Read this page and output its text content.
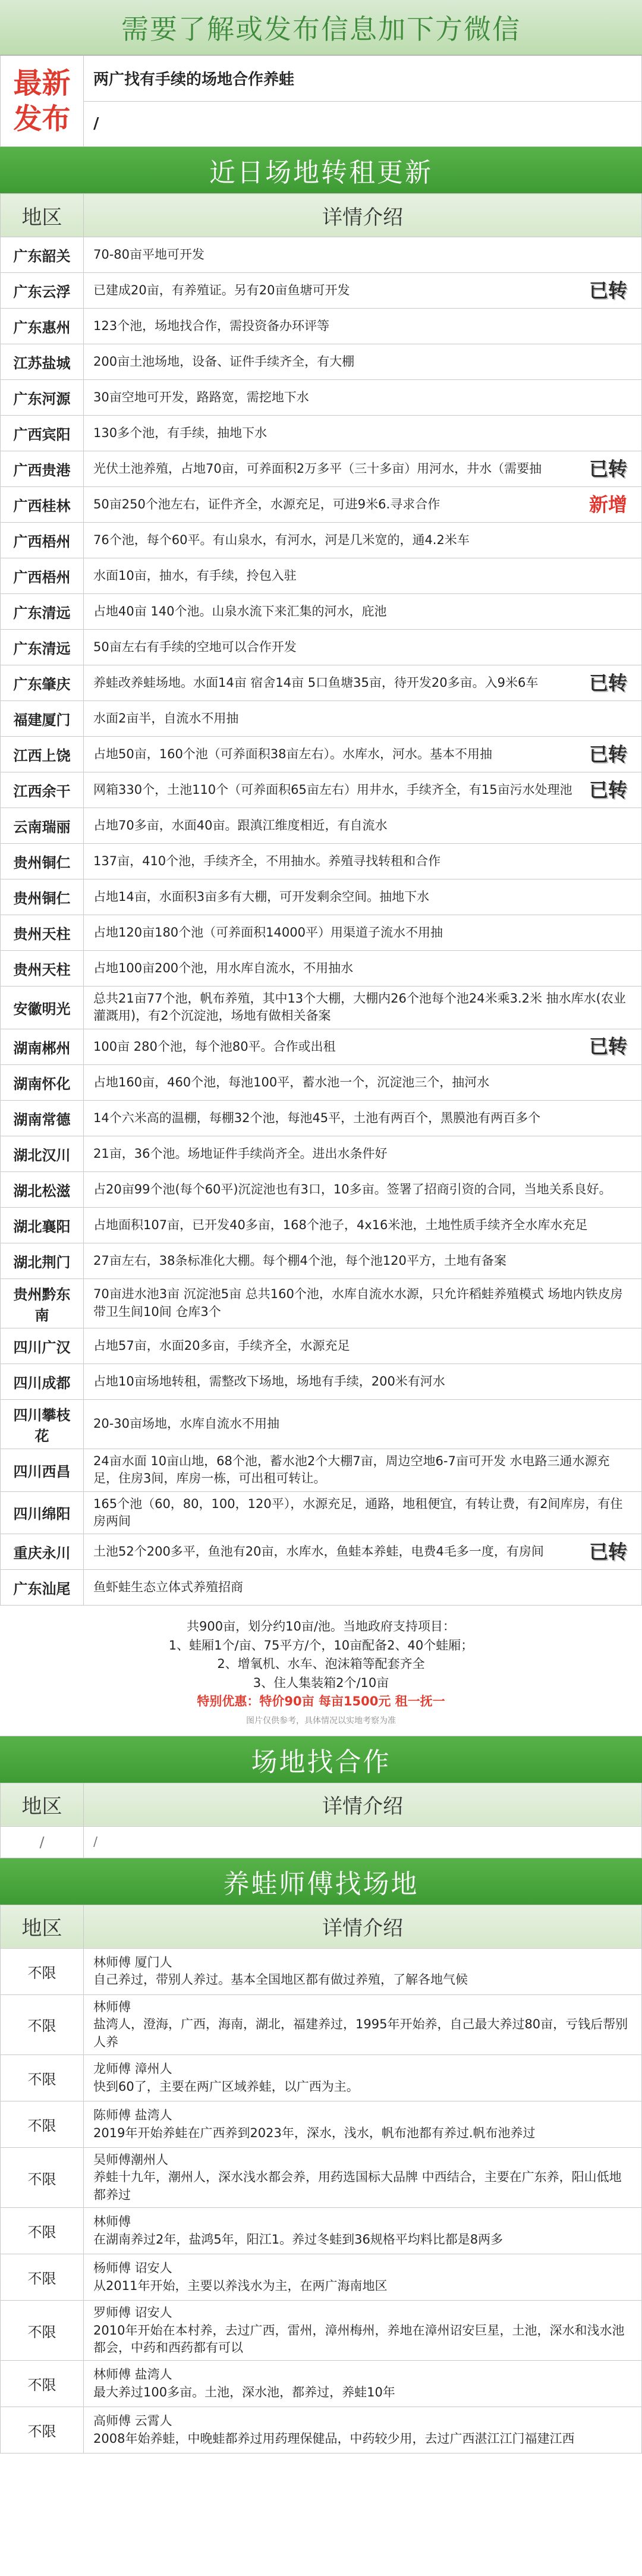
需要了解或发布信息加下方微信
最新发布	两广找有手续的场地合作养蛙
/
近日场地转租更新
地区	详情介绍
广东韶关	70-80亩平地可开发
广东云浮	已建成20亩，有养殖证。另有20亩鱼塘可开发 已转

广东惠州	123个池，场地找合作，需投资备办环评等
江苏盐城	200亩土池场地，设备、证件手续齐全，有大棚
广东河源	30亩空地可开发，路路宽，需挖地下水
广西宾阳	130多个池，有手续，抽地下水
广西贵港	光伏土池养殖，占地70亩，可养面积2万多平（三十多亩）用河水，井水（需要抽 已转

广西桂林	50亩250个池左右，证件齐全，水源充足，可进9米6.寻求合作 新增

广西梧州	76个池，每个60平。有山泉水，有河水，河是几米宽的，通4.2米车
广西梧州	水面10亩，抽水，有手续，拎包入驻
广东清远	占地40亩 140个池。山泉水流下来汇集的河水，庇池
广东清远	50亩左右有手续的空地可以合作开发
广东肇庆	养蛙改养蛙场地。水面14亩 宿舍14亩 5口鱼塘35亩，待开发20多亩。入9米6车 已转

福建厦门	水面2亩半，自流水不用抽
江西上饶	占地50亩，160个池（可养面积38亩左右）。水库水，河水。基本不用抽 已转

江西余干	网箱330个，土池110个（可养面积65亩左右）用井水，手续齐全，有15亩污水处理池 已转

云南瑞丽	占地70多亩，水面40亩。跟滇江维度相近，有自流水
贵州铜仁	137亩，410个池，手续齐全，不用抽水。养殖寻找转租和合作
贵州铜仁	占地14亩，水面积3亩多有大棚，可开发剩余空间。抽地下水
贵州天柱	占地120亩180个池（可养面积14000平）用渠道子流水不用抽
贵州天柱	占地100亩200个池，用水库自流水，不用抽水
安徽明光	总共21亩77个池，帆布养殖，其中13个大棚，大棚内26个池每个池24米乘3.2米 抽水库水(农业灌溉用)，有2个沉淀池，场地有做相关备案
湖南郴州	100亩 280个池，每个池80平。合作或出租 已转

湖南怀化	占地160亩，460个池，每池100平，蓄水池一个，沉淀池三个，抽河水
湖南常德	14个六米高的温棚，每棚32个池，每池45平，土池有两百个，黑膜池有两百多个
湖北汉川	21亩，36个池。场地证件手续尚齐全。进出水条件好
湖北松滋	占20亩99个池(每个60平)沉淀池也有3口，10多亩。签署了招商引资的合同，当地关系良好。
湖北襄阳	占地面积107亩，已开发40多亩，168个池子，4x16米池，土地性质手续齐全水库水充足
湖北荆门	27亩左右，38条标准化大棚。每个棚4个池，每个池120平方，土地有备案
贵州黔东南	70亩进水池3亩 沉淀池5亩 总共160个池，水库自流水水源，只允许稻蛙养殖模式 场地内铁皮房带卫生间10间 仓库3个
四川广汉	占地57亩，水面20多亩，手续齐全，水源充足
四川成都	占地10亩场地转租，需整改下场地，场地有手续，200米有河水
四川攀枝花	20-30亩场地，水库自流水不用抽
四川西昌	24亩水面 10亩山地，68个池，蓄水池2个大棚7亩，周边空地6-7亩可开发 水电路三通水源充足，住房3间，库房一栋，可出租可转让。
四川绵阳	165个池（60，80，100，120平），水源充足，通路，地租便宜，有转让费，有2间库房，有住房两间
重庆永川	土池52个200多平，鱼池有20亩，水库水，鱼蛙本养蛙，电费4毛多一度，有房间 已转

广东汕尾	鱼虾蛙生态立体式养殖招商
共900亩，划分约10亩/池。当地政府支持项目：
1、蛙厢1个/亩、75平方/个，10亩配备2、40个蛙厢；
2、增氧机、水车、泡沫箱等配套齐全
3、住人集装箱2个/10亩
特别优惠：特价90亩 每亩1500元 租一抚一
图片仅供参考，具体情况以实地考察为准
场地找合作
地区	详情介绍
/	/
养蛙师傅找场地
地区	详情介绍
不限	林师傅 厦门人
自己养过，带别人养过。基本全国地区都有做过养殖，了解各地气候

不限	林师傅
盐湾人，澄海，广西，海南，湖北，福建养过，1995年开始养，自己最大养过80亩，亏钱后帮别人养

不限	龙师傅 漳州人
快到60了，主要在两广区域养蛙，以广西为主。

不限	陈师傅 盐湾人
2019年开始养蛙在广西养到2023年，深水，浅水，帆布池都有养过.帆布池养过

不限	吴师傅潮州人
养蛙十九年，潮州人，深水浅水都会养，用药选国标大品牌 中西结合，主要在广东养，阳山低地都养过

不限	林师傅
在湖南养过2年，盐鸿5年，阳江1。养过冬蛙到36规格平均料比都是8两多

不限	杨师傅 诏安人
从2011年开始，主要以养浅水为主，在两广海南地区

不限	罗师傅 诏安人
2010年开始在本村养，去过广西，雷州，漳州梅州，养地在漳州诏安巨星，土池，深水和浅水池都会，中药和西药都有可以

不限	林师傅 盐湾人
最大养过100多亩。土池，深水池，都养过，养蛙10年

不限	高师傅 云霄人
2008年始养蛙，中晚蛙都养过用药理保健品，中药较少用，去过广西湛江江门福建江西
